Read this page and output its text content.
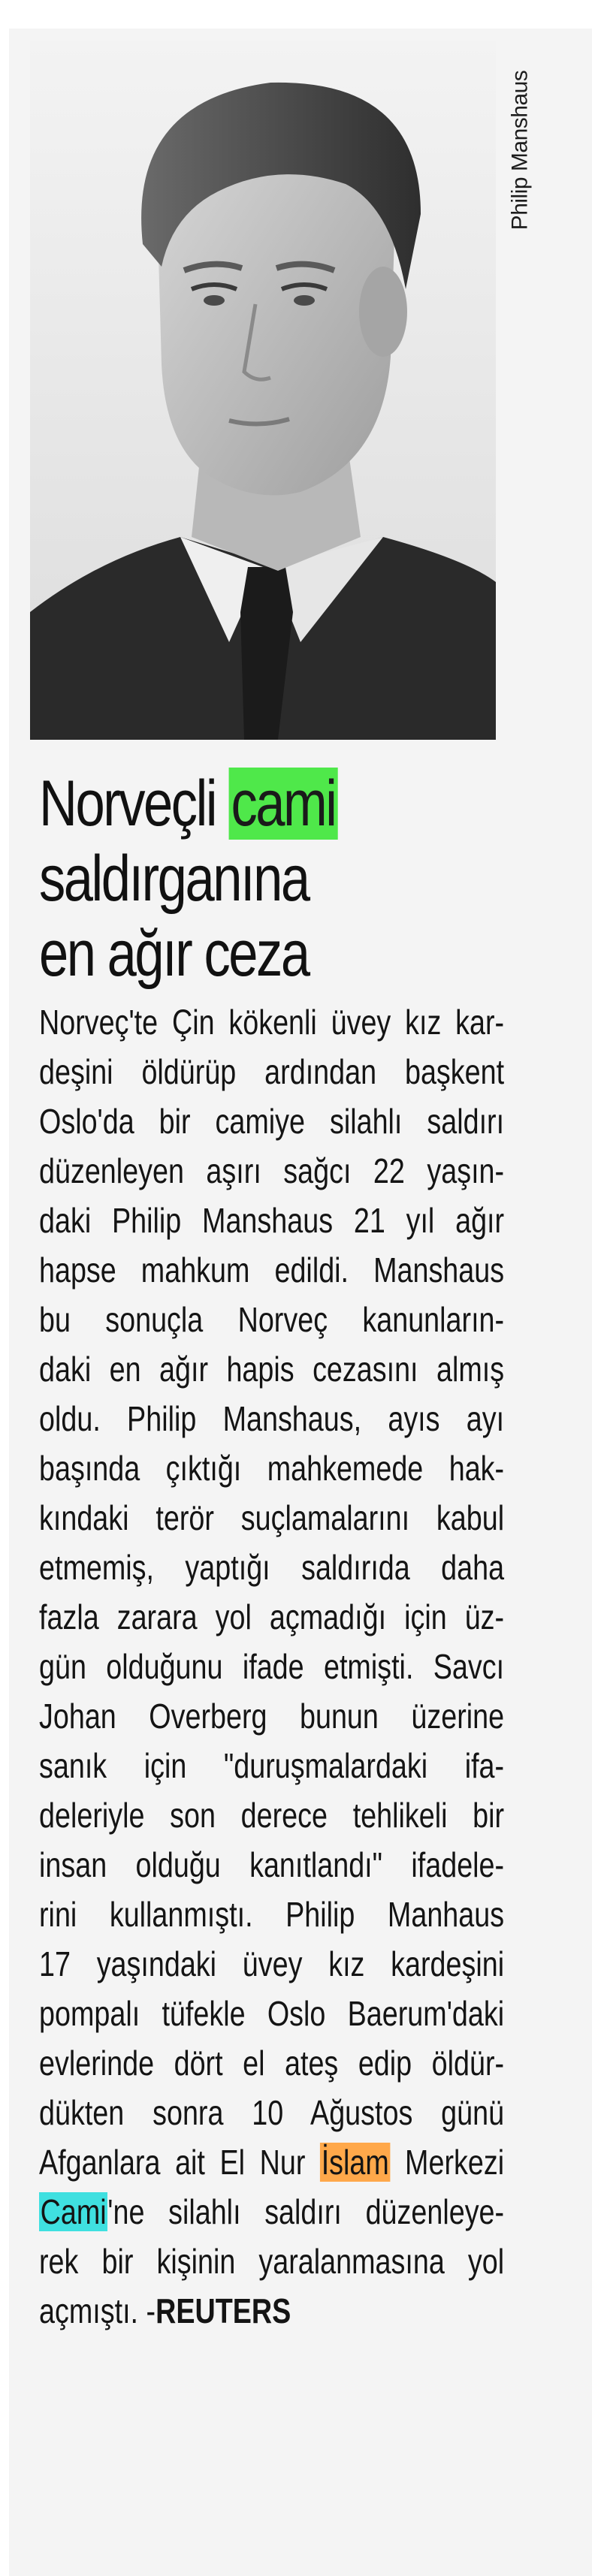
Philip Manshaus
Norveçli cami
saldırganına
en ağır ceza
Norveç'te Çin kökenli üvey kız kar-
deşini öldürüp ardından başkent
Oslo'da bir camiye silahlı saldırı
düzenleyen aşırı sağcı 22 yaşın-
daki Philip Manshaus 21 yıl ağır
hapse mahkum edildi. Manshaus
bu sonuçla Norveç kanunların-
daki en ağır hapis cezasını almış
oldu. Philip Manshaus, ayıs ayı
başında çıktığı mahkemede hak-
kındaki terör suçlamalarını kabul
etmemiş, yaptığı saldırıda daha
fazla zarara yol açmadığı için üz-
gün olduğunu ifade etmişti. Savcı
Johan Overberg bunun üzerine
sanık için "duruşmalardaki ifa-
deleriyle son derece tehlikeli bir
insan olduğu kanıtlandı" ifadele-
rini kullanmıştı. Philip Manhaus
17 yaşındaki üvey kız kardeşini
pompalı tüfekle Oslo Baerum'daki
evlerinde dört el ateş edip öldür-
dükten sonra 10 Ağustos günü
Afganlara ait El Nur İslam Merkezi
Cami'ne silahlı saldırı düzenleye-
rek bir kişinin yaralanmasına yol
açmıştı. -REUTERS
